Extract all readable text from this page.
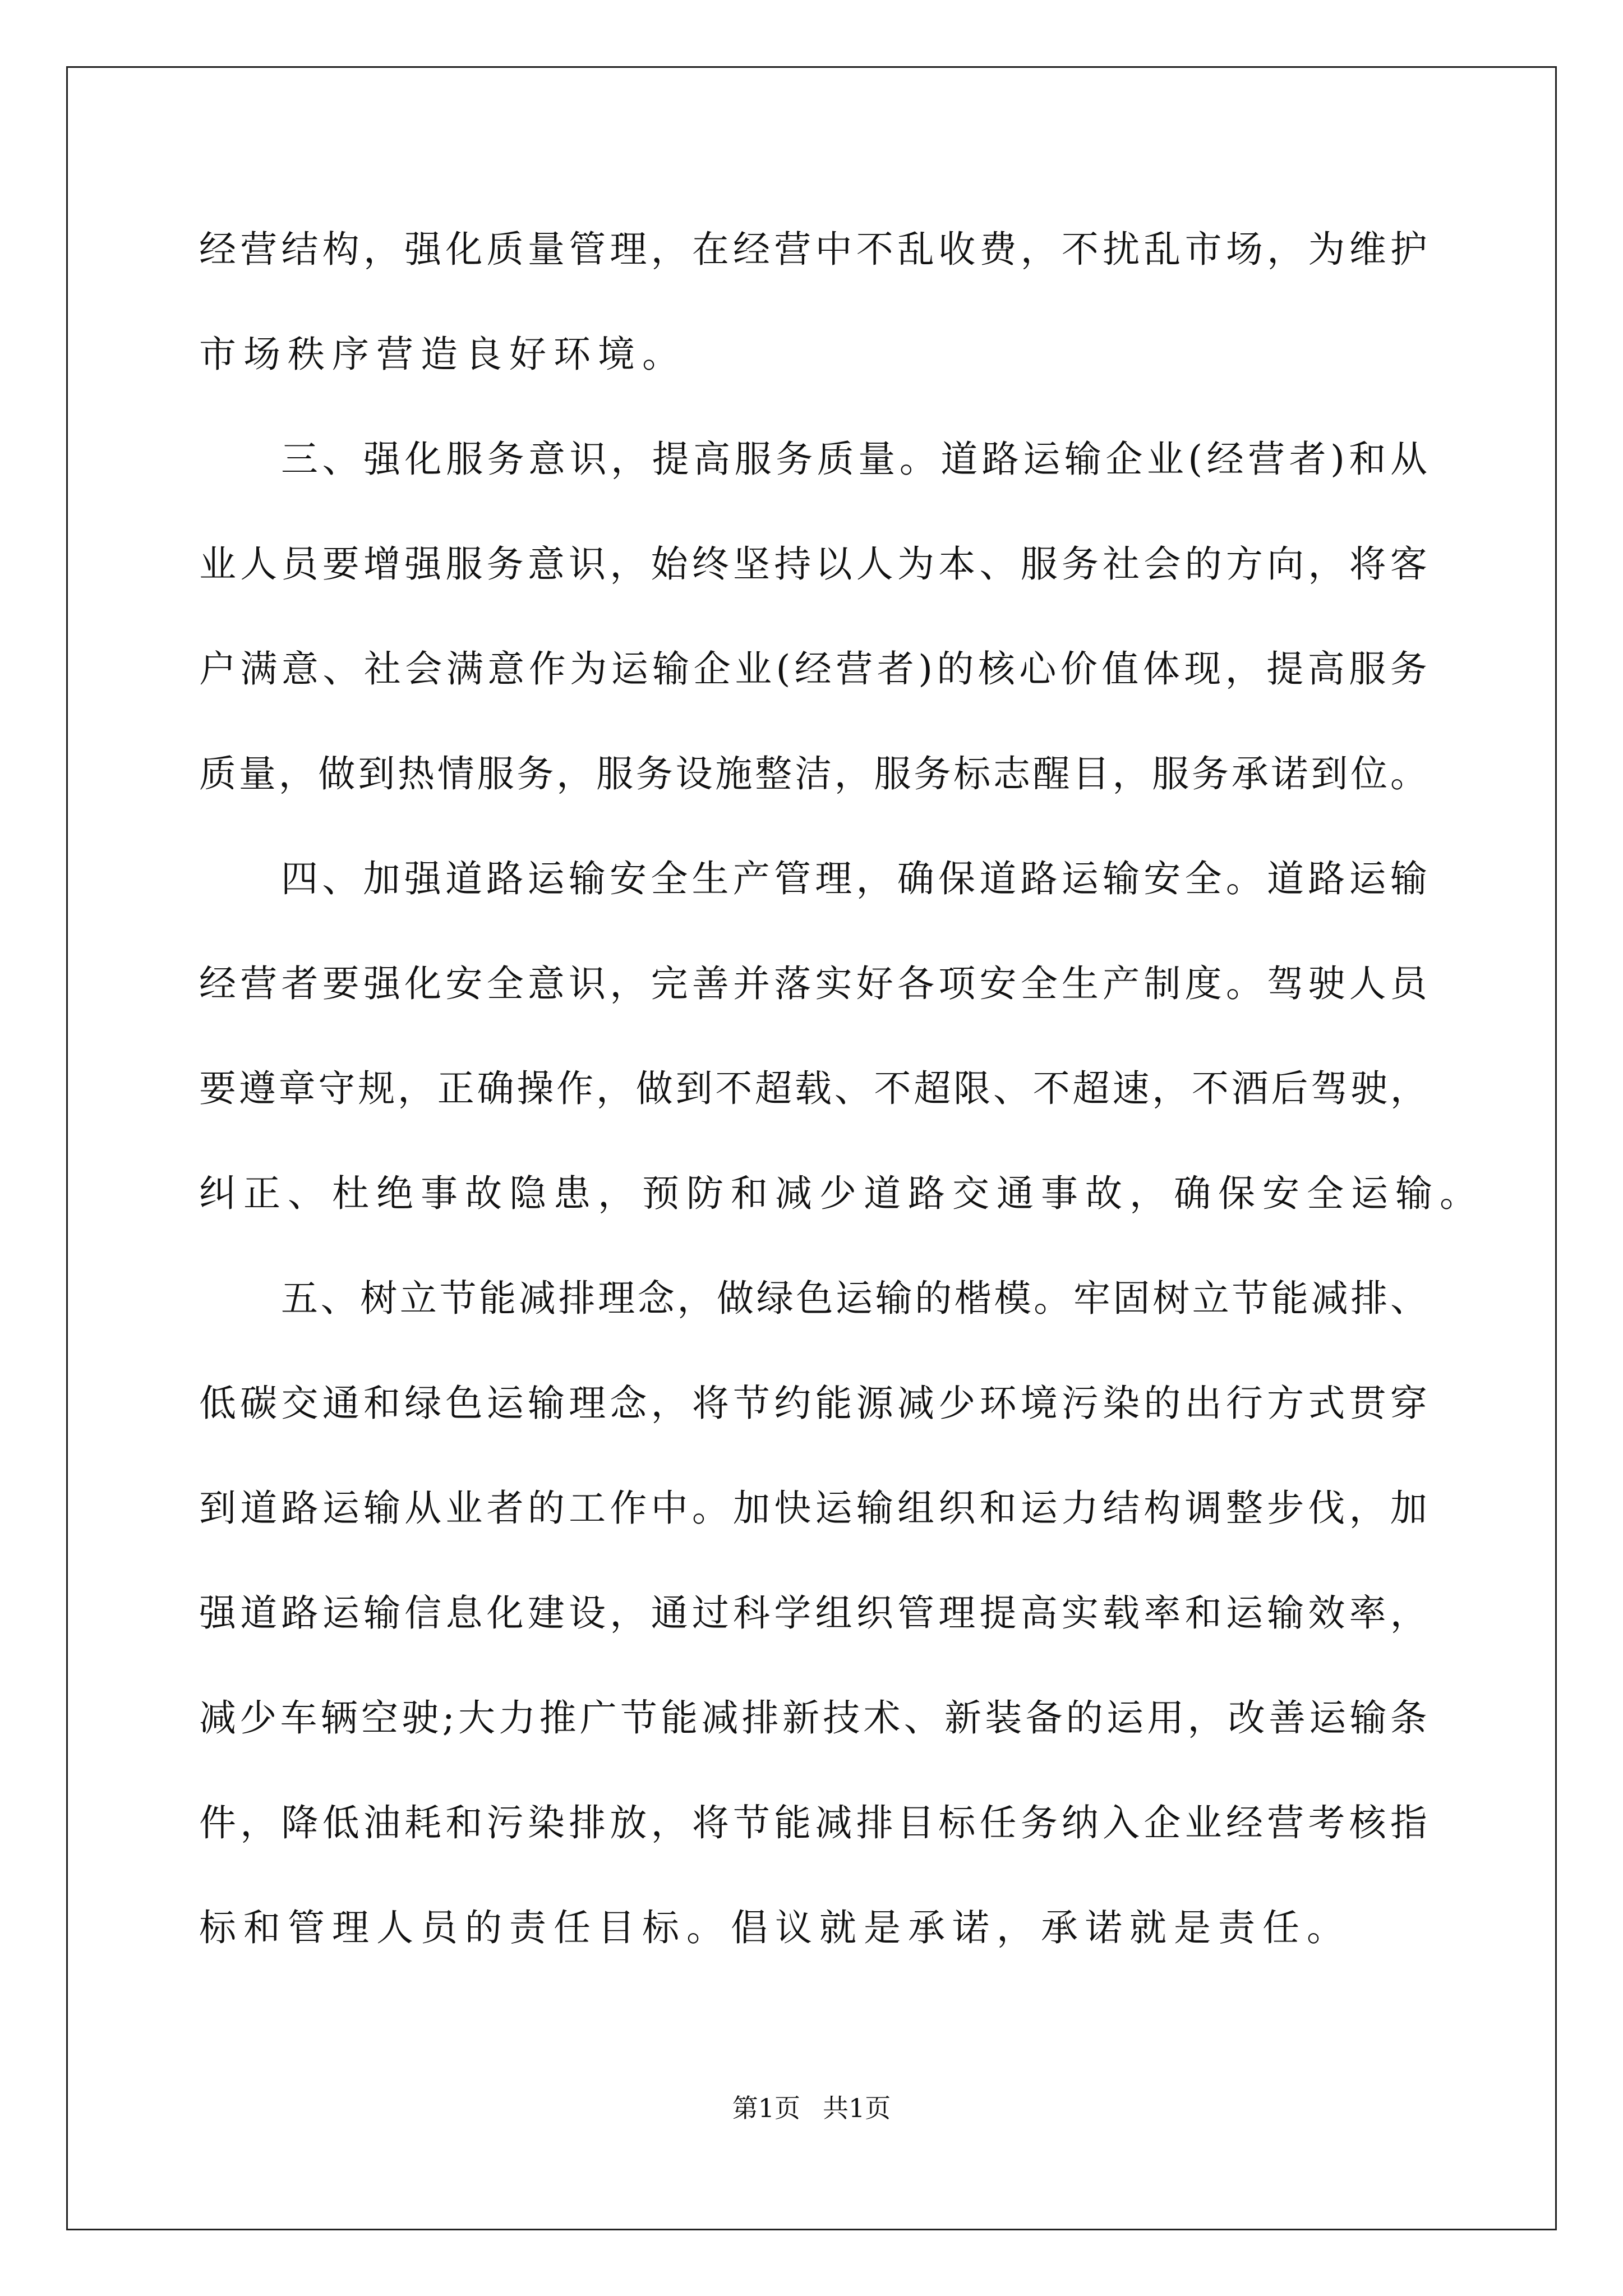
经 营 结 构 ， 强 化 质 量 管 理 ， 在 经 营 中 不 乱 收 费 ， 不 扰 乱 市 场 ， 为 维 护
市场秩序营造良好环境。
三 、 强 化 服 务 意 识 ， 提 高 服 务 质 量 。 道 路 运 输 企 业 ( 经 营 者 ) 和 从
业 人 员 要 增 强 服 务 意 识 ， 始 终 坚 持 以 人 为 本 、 服 务 社 会 的 方 向 ， 将 客
户 满 意 、 社 会 满 意 作 为 运 输 企 业 ( 经 营 者 ) 的 核 心 价 值 体 现 ， 提 高 服 务
质 量 ， 做 到 热 情 服 务 ， 服 务 设 施 整 洁 ， 服 务 标 志 醒 目 ， 服 务 承 诺 到 位 。
四 、 加 强 道 路 运 输 安 全 生 产 管 理 ， 确 保 道 路 运 输 安 全 。 道 路 运 输
经 营 者 要 强 化 安 全 意 识 ， 完 善 并 落 实 好 各 项 安 全 生 产 制 度 。 驾 驶 人 员
要 遵 章 守 规 ， 正 确 操 作 ， 做 到 不 超 载 、 不 超 限 、 不 超 速 ， 不 酒 后 驾 驶 ，
纠正、杜绝事故隐患，预防和减少道路交通事故，确保安全运输。
五 、 树 立 节 能 减 排 理 念 ， 做 绿 色 运 输 的 楷 模 。 牢 固 树 立 节 能 减 排 、
低 碳 交 通 和 绿 色 运 输 理 念 ， 将 节 约 能 源 减 少 环 境 污 染 的 出 行 方 式 贯 穿
到 道 路 运 输 从 业 者 的 工 作 中 。 加 快 运 输 组 织 和 运 力 结 构 调 整 步 伐 ， 加
强 道 路 运 输 信 息 化 建 设 ， 通 过 科 学 组 织 管 理 提 高 实 载 率 和 运 输 效 率 ，
减 少 车 辆 空 驶 ; 大 力 推 广 节 能 减 排 新 技 术 、 新 装 备 的 运 用 ， 改 善 运 输 条
件 ， 降 低 油 耗 和 污 染 排 放 ， 将 节 能 减 排 目 标 任 务 纳 入 企 业 经 营 考 核 指
标和管理人员的责任目标。倡议就是承诺，承诺就是责任。
第1页 共1页
